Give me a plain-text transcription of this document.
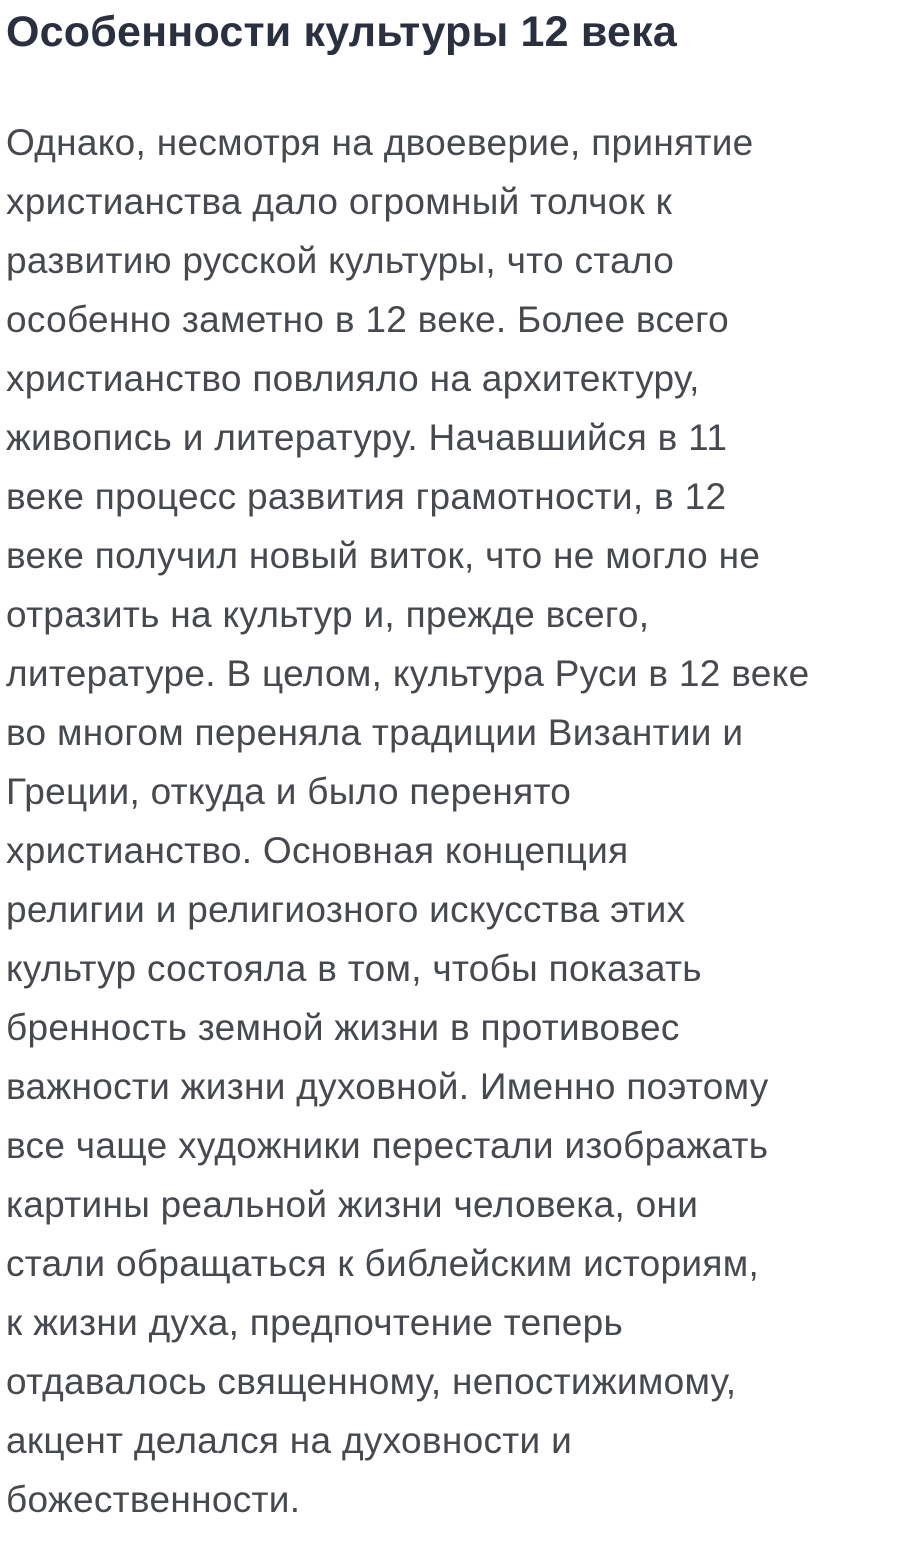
Особенности культуры 12 века
Однако, несмотря на двоеверие, принятие
христианства дало огромный толчок к
развитию русской культуры, что стало
особенно заметно в 12 веке. Более всего
христианство повлияло на архитектуру,
живопись и литературу. Начавшийся в 11
веке процесс развития грамотности, в 12
веке получил новый виток, что не могло не
отразить на культур и, прежде всего,
литературе. В целом, культура Руси в 12 веке
во многом переняла традиции Византии и
Греции, откуда и было перенято
христианство. Основная концепция
религии и религиозного искусства этих
культур состояла в том, чтобы показать
бренность земной жизни в противовес
важности жизни духовной. Именно поэтому
все чаще художники перестали изображать
картины реальной жизни человека, они
стали обращаться к библейским историям,
к жизни духа, предпочтение теперь
отдавалось священному, непостижимому,
акцент делался на духовности и
божественности.
